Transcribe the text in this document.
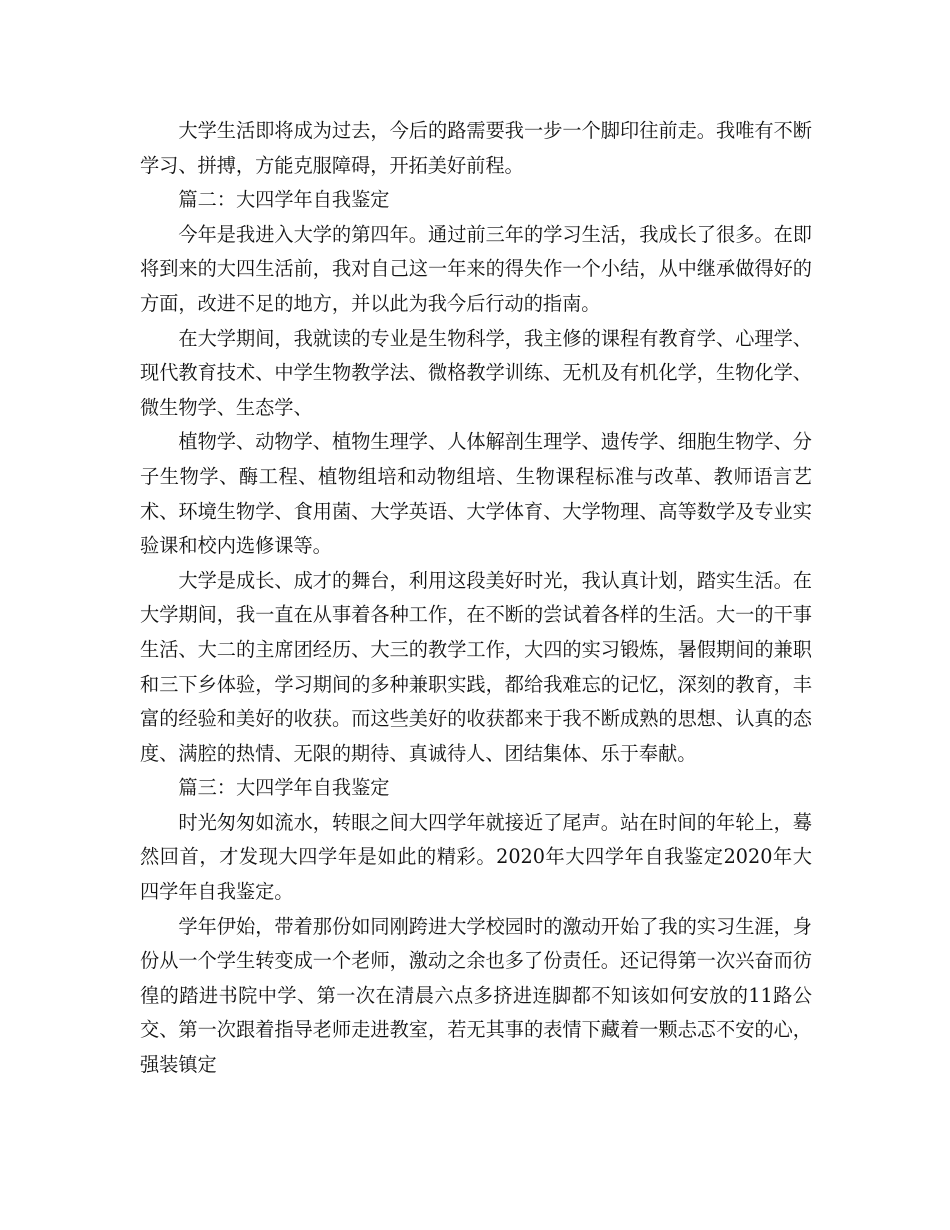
大学生活即将成为过去，今后的路需要我一步一个脚印往前走。我唯有不断学习、拼搏，方能克服障碍，开拓美好前程。

篇二：大四学年自我鉴定

今年是我进入大学的第四年。通过前三年的学习生活，我成长了很多。在即将到来的大四生活前，我对自己这一年来的得失作一个小结，从中继承做得好的方面，改进不足的地方，并以此为我今后行动的指南。

在大学期间，我就读的专业是生物科学，我主修的课程有教育学、心理学、现代教育技术、中学生物教学法、微格教学训练、无机及有机化学，生物化学、微生物学、生态学、

植物学、动物学、植物生理学、人体解剖生理学、遗传学、细胞生物学、分子生物学、酶工程、植物组培和动物组培、生物课程标准与改革、教师语言艺术、环境生物学、食用菌、大学英语、大学体育、大学物理、高等数学及专业实验课和校内选修课等。

大学是成长、成才的舞台，利用这段美好时光，我认真计划，踏实生活。在大学期间，我一直在从事着各种工作，在不断的尝试着各样的生活。大一的干事生活、大二的主席团经历、大三的教学工作，大四的实习锻炼，暑假期间的兼职和三下乡体验，学习期间的多种兼职实践，都给我难忘的记忆，深刻的教育，丰富的经验和美好的收获。而这些美好的收获都来于我不断成熟的思想、认真的态度、满腔的热情、无限的期待、真诚待人、团结集体、乐于奉献。

篇三：大四学年自我鉴定

时光匆匆如流水，转眼之间大四学年就接近了尾声。站在时间的年轮上，蓦然回首，才发现大四学年是如此的精彩。2020年大四学年自我鉴定2020年大四学年自我鉴定。

学年伊始，带着那份如同刚跨进大学校园时的激动开始了我的实习生涯，身份从一个学生转变成一个老师，激动之余也多了份责任。还记得第一次兴奋而彷徨的踏进书院中学、第一次在清晨六点多挤进连脚都不知该如何安放的11路公交、第一次跟着指导老师走进教室，若无其事的表情下藏着一颗忐忑不安的心，强装镇定
